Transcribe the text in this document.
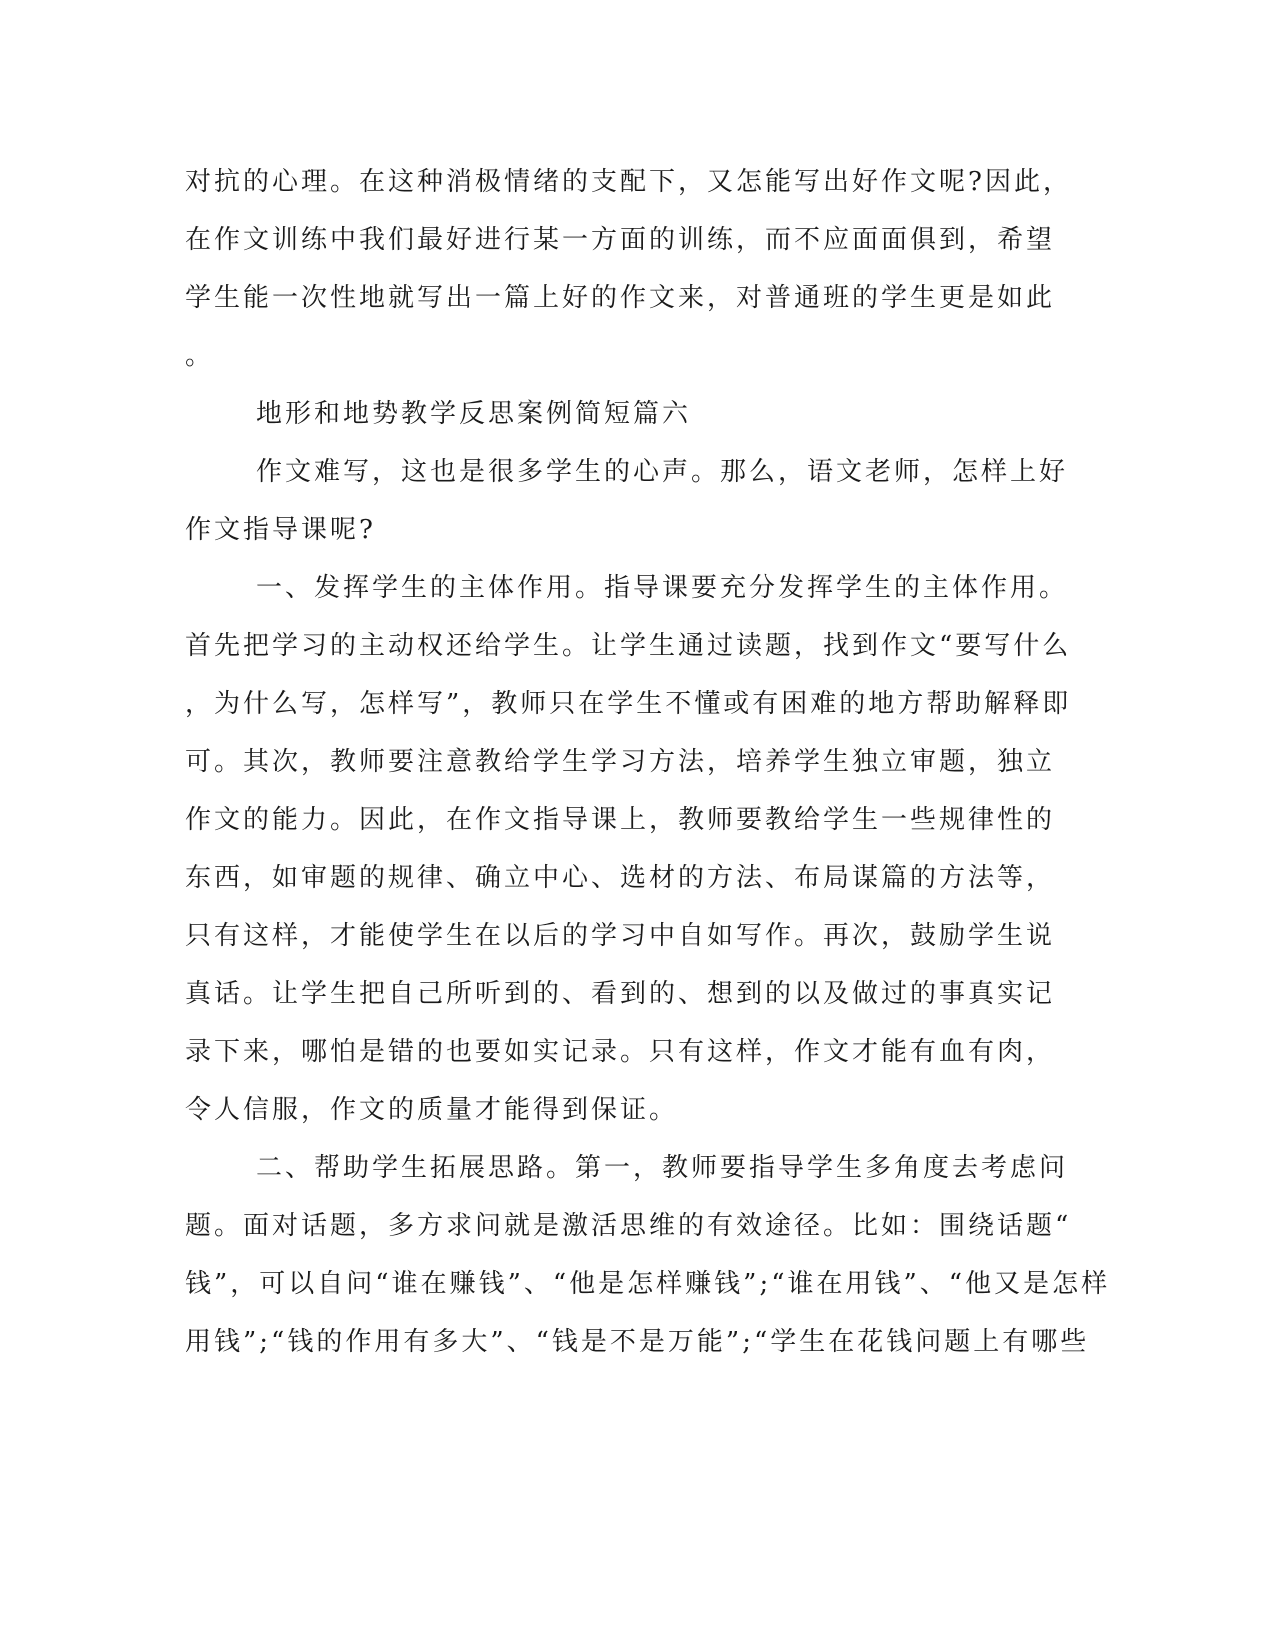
对抗的心理。在这种消极情绪的支配下，又怎能写出好作文呢?因此，
在作文训练中我们最好进行某一方面的训练，而不应面面俱到，希望
学生能一次性地就写出一篇上好的作文来，对普通班的学生更是如此
。
地形和地势教学反思案例简短篇六
作文难写，这也是很多学生的心声。那么，语文老师，怎样上好
作文指导课呢?
一、发挥学生的主体作用。指导课要充分发挥学生的主体作用。
首先把学习的主动权还给学生。让学生通过读题，找到作文“要写什么
，为什么写，怎样写”，教师只在学生不懂或有困难的地方帮助解释即
可。其次，教师要注意教给学生学习方法，培养学生独立审题，独立
作文的能力。因此，在作文指导课上，教师要教给学生一些规律性的
东西，如审题的规律、确立中心、选材的方法、布局谋篇的方法等，
只有这样，才能使学生在以后的学习中自如写作。再次，鼓励学生说
真话。让学生把自己所听到的、看到的、想到的以及做过的事真实记
录下来，哪怕是错的也要如实记录。只有这样，作文才能有血有肉，
令人信服，作文的质量才能得到保证。
二、帮助学生拓展思路。第一，教师要指导学生多角度去考虑问
题。面对话题，多方求问就是激活思维的有效途径。比如：围绕话题“
钱”，可以自问“谁在赚钱”、“他是怎样赚钱”;“谁在用钱”、“他又是怎样
用钱”;“钱的作用有多大”、“钱是不是万能”;“学生在花钱问题上有哪些
